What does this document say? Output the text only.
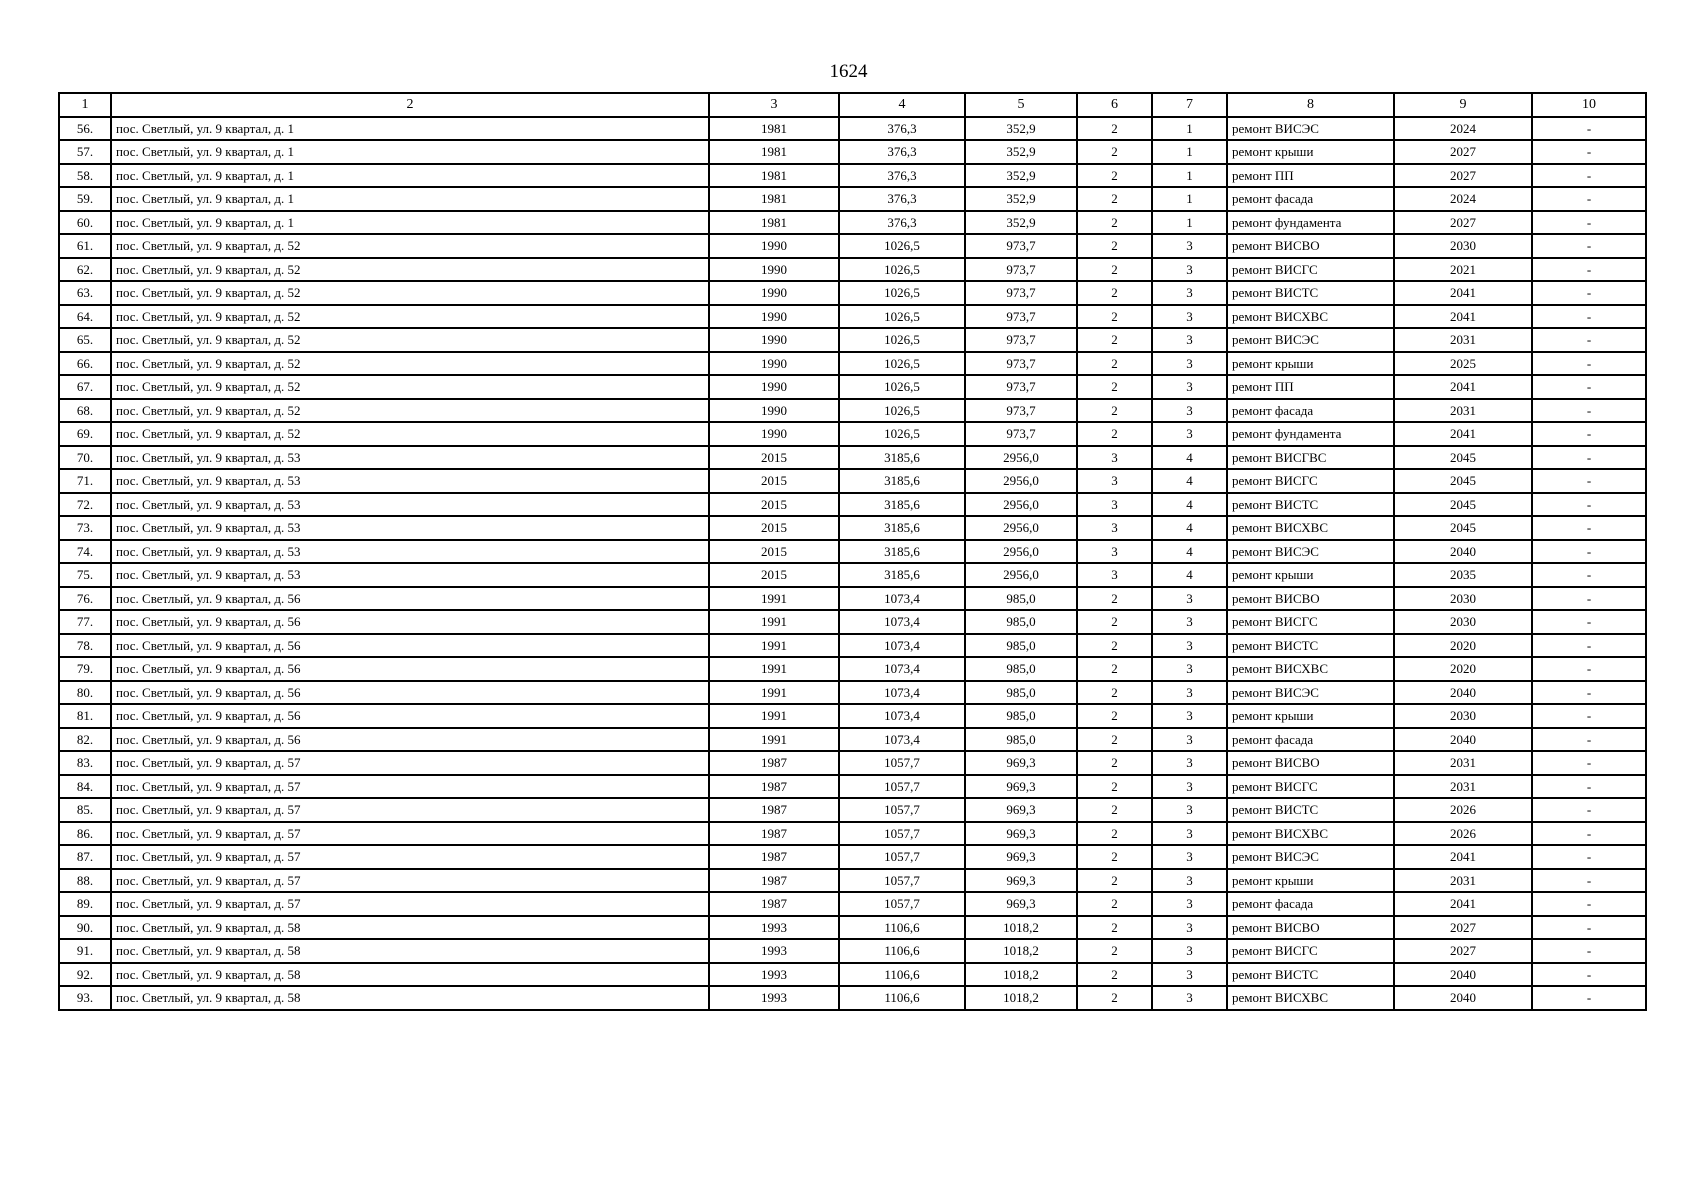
1624
1	2	3	4	5	6	7	8	9	10
56.	пос. Светлый, ул. 9 квартал, д. 1	1981	376,3	352,9	2	1	ремонт ВИСЭС	2024	-
57.	пос. Светлый, ул. 9 квартал, д. 1	1981	376,3	352,9	2	1	ремонт крыши	2027	-
58.	пос. Светлый, ул. 9 квартал, д. 1	1981	376,3	352,9	2	1	ремонт ПП	2027	-
59.	пос. Светлый, ул. 9 квартал, д. 1	1981	376,3	352,9	2	1	ремонт фасада	2024	-
60.	пос. Светлый, ул. 9 квартал, д. 1	1981	376,3	352,9	2	1	ремонт фундамента	2027	-
61.	пос. Светлый, ул. 9 квартал, д. 52	1990	1026,5	973,7	2	3	ремонт ВИСВО	2030	-
62.	пос. Светлый, ул. 9 квартал, д. 52	1990	1026,5	973,7	2	3	ремонт ВИСГС	2021	-
63.	пос. Светлый, ул. 9 квартал, д. 52	1990	1026,5	973,7	2	3	ремонт ВИСТС	2041	-
64.	пос. Светлый, ул. 9 квартал, д. 52	1990	1026,5	973,7	2	3	ремонт ВИСХВС	2041	-
65.	пос. Светлый, ул. 9 квартал, д. 52	1990	1026,5	973,7	2	3	ремонт ВИСЭС	2031	-
66.	пос. Светлый, ул. 9 квартал, д. 52	1990	1026,5	973,7	2	3	ремонт крыши	2025	-
67.	пос. Светлый, ул. 9 квартал, д. 52	1990	1026,5	973,7	2	3	ремонт ПП	2041	-
68.	пос. Светлый, ул. 9 квартал, д. 52	1990	1026,5	973,7	2	3	ремонт фасада	2031	-
69.	пос. Светлый, ул. 9 квартал, д. 52	1990	1026,5	973,7	2	3	ремонт фундамента	2041	-
70.	пос. Светлый, ул. 9 квартал, д. 53	2015	3185,6	2956,0	3	4	ремонт ВИСГВС	2045	-
71.	пос. Светлый, ул. 9 квартал, д. 53	2015	3185,6	2956,0	3	4	ремонт ВИСГС	2045	-
72.	пос. Светлый, ул. 9 квартал, д. 53	2015	3185,6	2956,0	3	4	ремонт ВИСТС	2045	-
73.	пос. Светлый, ул. 9 квартал, д. 53	2015	3185,6	2956,0	3	4	ремонт ВИСХВС	2045	-
74.	пос. Светлый, ул. 9 квартал, д. 53	2015	3185,6	2956,0	3	4	ремонт ВИСЭС	2040	-
75.	пос. Светлый, ул. 9 квартал, д. 53	2015	3185,6	2956,0	3	4	ремонт крыши	2035	-
76.	пос. Светлый, ул. 9 квартал, д. 56	1991	1073,4	985,0	2	3	ремонт ВИСВО	2030	-
77.	пос. Светлый, ул. 9 квартал, д. 56	1991	1073,4	985,0	2	3	ремонт ВИСГС	2030	-
78.	пос. Светлый, ул. 9 квартал, д. 56	1991	1073,4	985,0	2	3	ремонт ВИСТС	2020	-
79.	пос. Светлый, ул. 9 квартал, д. 56	1991	1073,4	985,0	2	3	ремонт ВИСХВС	2020	-
80.	пос. Светлый, ул. 9 квартал, д. 56	1991	1073,4	985,0	2	3	ремонт ВИСЭС	2040	-
81.	пос. Светлый, ул. 9 квартал, д. 56	1991	1073,4	985,0	2	3	ремонт крыши	2030	-
82.	пос. Светлый, ул. 9 квартал, д. 56	1991	1073,4	985,0	2	3	ремонт фасада	2040	-
83.	пос. Светлый, ул. 9 квартал, д. 57	1987	1057,7	969,3	2	3	ремонт ВИСВО	2031	-
84.	пос. Светлый, ул. 9 квартал, д. 57	1987	1057,7	969,3	2	3	ремонт ВИСГС	2031	-
85.	пос. Светлый, ул. 9 квартал, д. 57	1987	1057,7	969,3	2	3	ремонт ВИСТС	2026	-
86.	пос. Светлый, ул. 9 квартал, д. 57	1987	1057,7	969,3	2	3	ремонт ВИСХВС	2026	-
87.	пос. Светлый, ул. 9 квартал, д. 57	1987	1057,7	969,3	2	3	ремонт ВИСЭС	2041	-
88.	пос. Светлый, ул. 9 квартал, д. 57	1987	1057,7	969,3	2	3	ремонт крыши	2031	-
89.	пос. Светлый, ул. 9 квартал, д. 57	1987	1057,7	969,3	2	3	ремонт фасада	2041	-
90.	пос. Светлый, ул. 9 квартал, д. 58	1993	1106,6	1018,2	2	3	ремонт ВИСВО	2027	-
91.	пос. Светлый, ул. 9 квартал, д. 58	1993	1106,6	1018,2	2	3	ремонт ВИСГС	2027	-
92.	пос. Светлый, ул. 9 квартал, д. 58	1993	1106,6	1018,2	2	3	ремонт ВИСТС	2040	-
93.	пос. Светлый, ул. 9 квартал, д. 58	1993	1106,6	1018,2	2	3	ремонт ВИСХВС	2040	-
